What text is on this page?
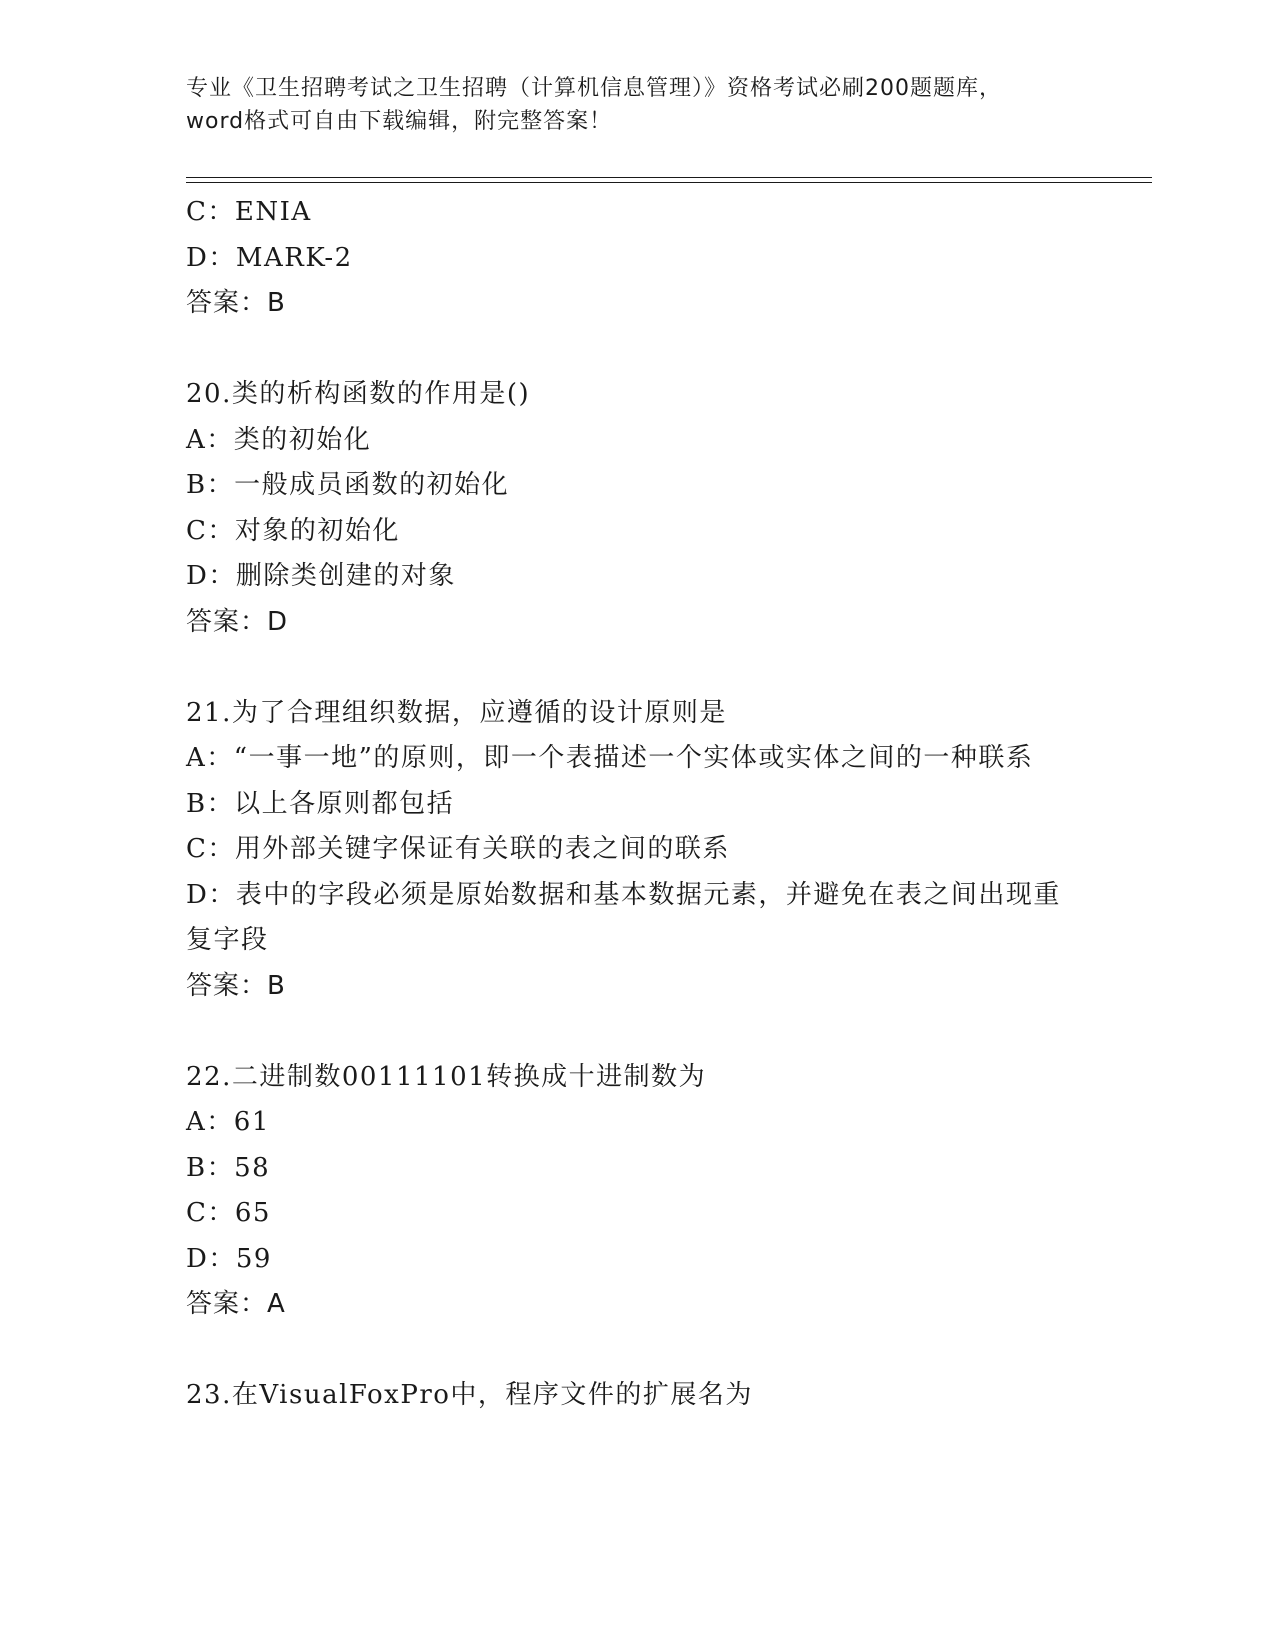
专业《卫生招聘考试之卫生招聘（计算机信息管理）》资格考试必刷200题题库，
word格式可自由下载编辑，附完整答案！
C：ENIA
D：MARK-2
答案：B
20.类的析构函数的作用是()
A：类的初始化
B：一般成员函数的初始化
C：对象的初始化
D：删除类创建的对象
答案：D
21.为了合理组织数据，应遵循的设计原则是
A：“一事一地”的原则，即一个表描述一个实体或实体之间的一种联系
B：以上各原则都包括
C：用外部关键字保证有关联的表之间的联系
D：表中的字段必须是原始数据和基本数据元素，并避免在表之间出现重复字段
答案：B
22.二进制数00111101转换成十进制数为
A：61
B：58
C：65
D：59
答案：A
23.在VisualFoxPro中，程序文件的扩展名为
